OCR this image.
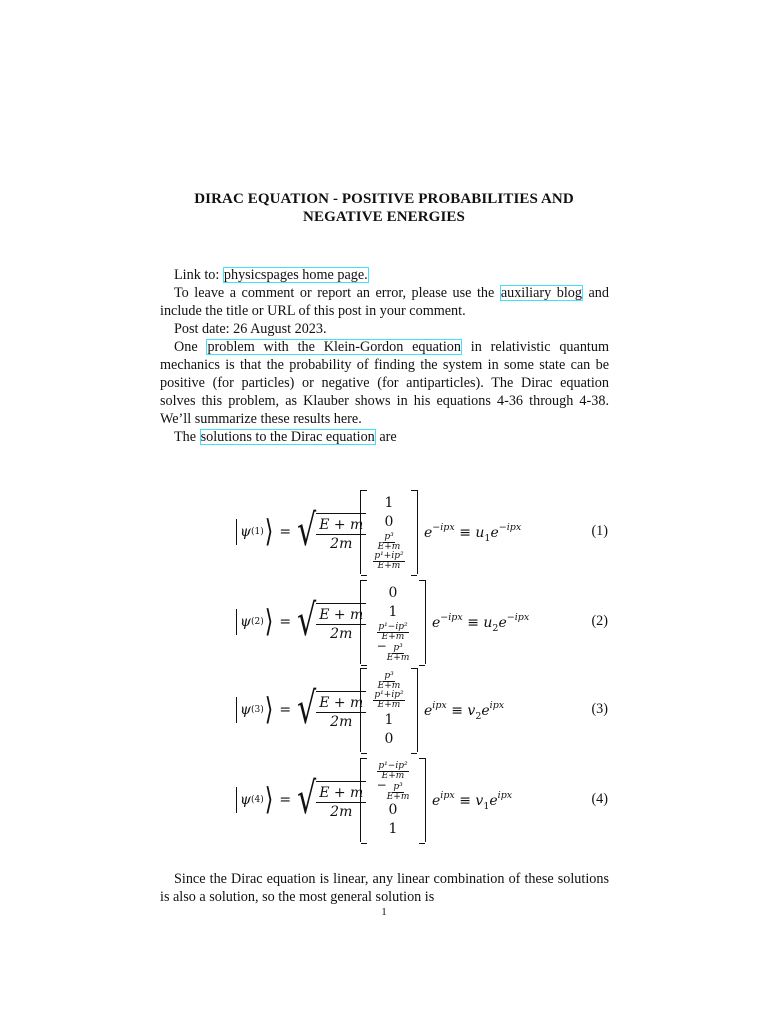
DIRAC EQUATION - POSITIVE PROBABILITIES AND
NEGATIVE ENERGIES

Link to: physicspages home page.

To leave a comment or report an error, please use the auxiliary blog and include the title or URL of this post in your comment.

Post date: 26 August 2023.

One problem with the Klein-Gordon equation in relativistic quantum mechanics is that the probability of finding the system in some state can be positive (for particles) or negative (for antiparticles). The Dirac equation solves this problem, as Klauber shows in his equations 4-36 through 4-38. We’ll summarize these results here.

The solutions to the Dirac equation are

ψ (1) ⟩ = √ $\frac{E + m}{2m}$
1
0
$\frac{\text{p³}}{E+m}$
$\frac{\text{p¹+ip²}}{E+m}$
$e^{-ipx} \equiv u_1e^{-ipx}$	(1)
ψ (2) ⟩ = √ $\frac{E + m}{2m}$
0
1
$\frac{\text{p¹−ip²}}{E+m}$
− $\frac{\text{p³}}{E+m}$
$e^{-ipx} \equiv u_2e^{-ipx}$	(2)
ψ (3) ⟩ = √ $\frac{E + m}{2m}$
$\frac{\text{p³}}{E+m}$
$\frac{\text{p¹+ip²}}{E+m}$
1
0
$e^{ipx} \equiv v_2e^{ipx}$	(3)
ψ (4) ⟩ = √ $\frac{E + m}{2m}$
$\frac{\text{p¹−ip²}}{E+m}$
− $\frac{\text{p³}}{E+m}$
0
1
$e^{ipx} \equiv v_1e^{ipx}$	(4)

Since the Dirac equation is linear, any linear combination of these solutions is also a solution, so the most general solution is

1
